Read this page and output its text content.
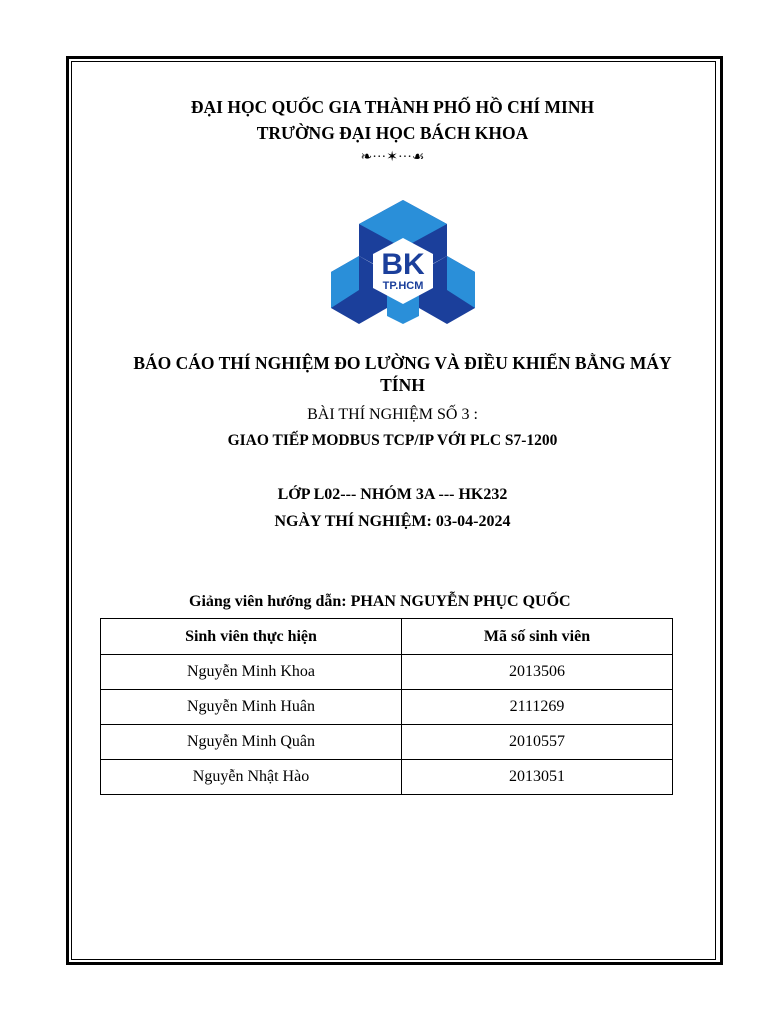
ĐẠI HỌC QUỐC GIA THÀNH PHỐ HỒ CHÍ MINH
TRƯỜNG ĐẠI HỌC BÁCH KHOA
❧···✶···☙
BK
TP.HCM
BÁO CÁO THÍ NGHIỆM ĐO LƯỜNG VÀ ĐIỀU KHIỂN BẰNG MÁY TÍNH
BÀI THÍ NGHIỆM SỐ 3 :
GIAO TIẾP MODBUS TCP/IP VỚI PLC S7-1200
LỚP L02--- NHÓM 3A --- HK232
NGÀY THÍ NGHIỆM: 03-04-2024
Giảng viên hướng dẫn: PHAN NGUYỄN PHỤC QUỐC
Sinh viên thực hiện	Mã số sinh viên
Nguyễn Minh Khoa	2013506
Nguyễn Minh Huân	2111269
Nguyễn Minh Quân	2010557
Nguyễn Nhật Hào	2013051
